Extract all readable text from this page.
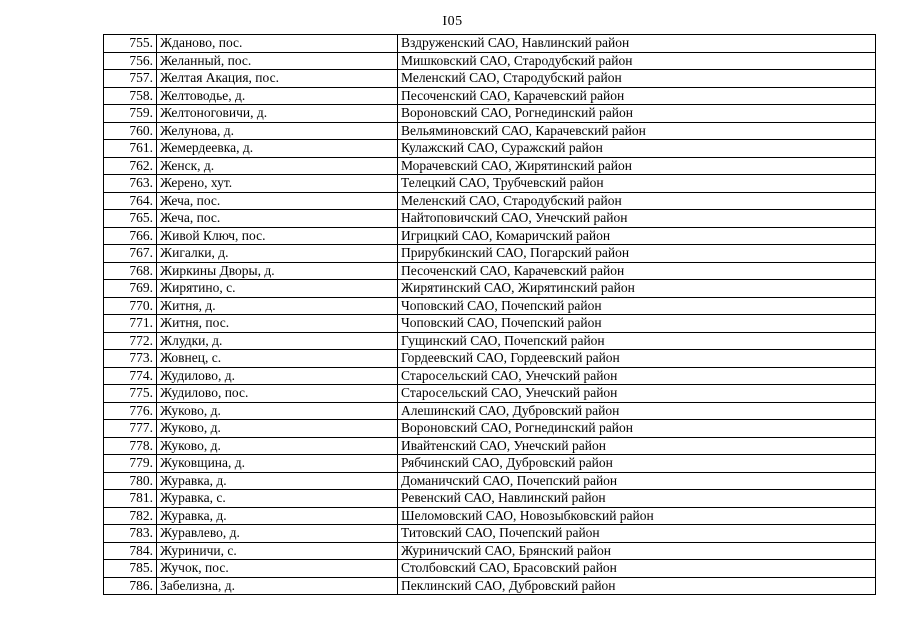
I05
755.	Жданово, пос.	Вздруженский САО, Навлинский район
756.	Желанный, пос.	Мишковский САО, Стародубский район
757.	Желтая Акация, пос.	Меленский САО, Стародубский район
758.	Желтоводье, д.	Песоченский САО, Карачевский район
759.	Желтоноговичи, д.	Вороновский САО, Рогнединский район
760.	Желунова, д.	Вельяминовский САО, Карачевский район
761.	Жемердеевка, д.	Кулажский САО, Суражский район
762.	Женск, д.	Морачевский САО, Жирятинский район
763.	Жерено, хут.	Телецкий САО, Трубчевский район
764.	Жеча, пос.	Меленский САО, Стародубский район
765.	Жеча, пос.	Найтоповичский САО, Унечский район
766.	Живой Ключ, пос.	Игрицкий САО, Комаричский район
767.	Жигалки, д.	Прирубкинский САО, Погарский район
768.	Жиркины Дворы, д.	Песоченский САО, Карачевский район
769.	Жирятино, с.	Жирятинский САО, Жирятинский район
770.	Житня, д.	Чоповский САО, Почепский район
771.	Житня, пос.	Чоповский САО, Почепский район
772.	Жлудки, д.	Гущинский САО, Почепский район
773.	Жовнец, с.	Гордеевский САО, Гордеевский район
774.	Жудилово, д.	Старосельский САО, Унечский район
775.	Жудилово, пос.	Старосельский САО, Унечский район
776.	Жуково, д.	Алешинский САО, Дубровский район
777.	Жуково, д.	Вороновский САО, Рогнединский район
778.	Жуково, д.	Ивайтенский САО, Унечский район
779.	Жуковщина, д.	Рябчинский САО, Дубровский район
780.	Журавка, д.	Доманичский САО, Почепский район
781.	Журавка, с.	Ревенский САО, Навлинский район
782.	Журавка, д.	Шеломовский САО, Новозыбковский район
783.	Журавлево, д.	Титовский САО, Почепский район
784.	Журиничи, с.	Журиничский САО, Брянский район
785.	Жучок, пос.	Столбовский САО, Брасовский район
786.	Забелизна, д.	Пеклинский САО, Дубровский район
